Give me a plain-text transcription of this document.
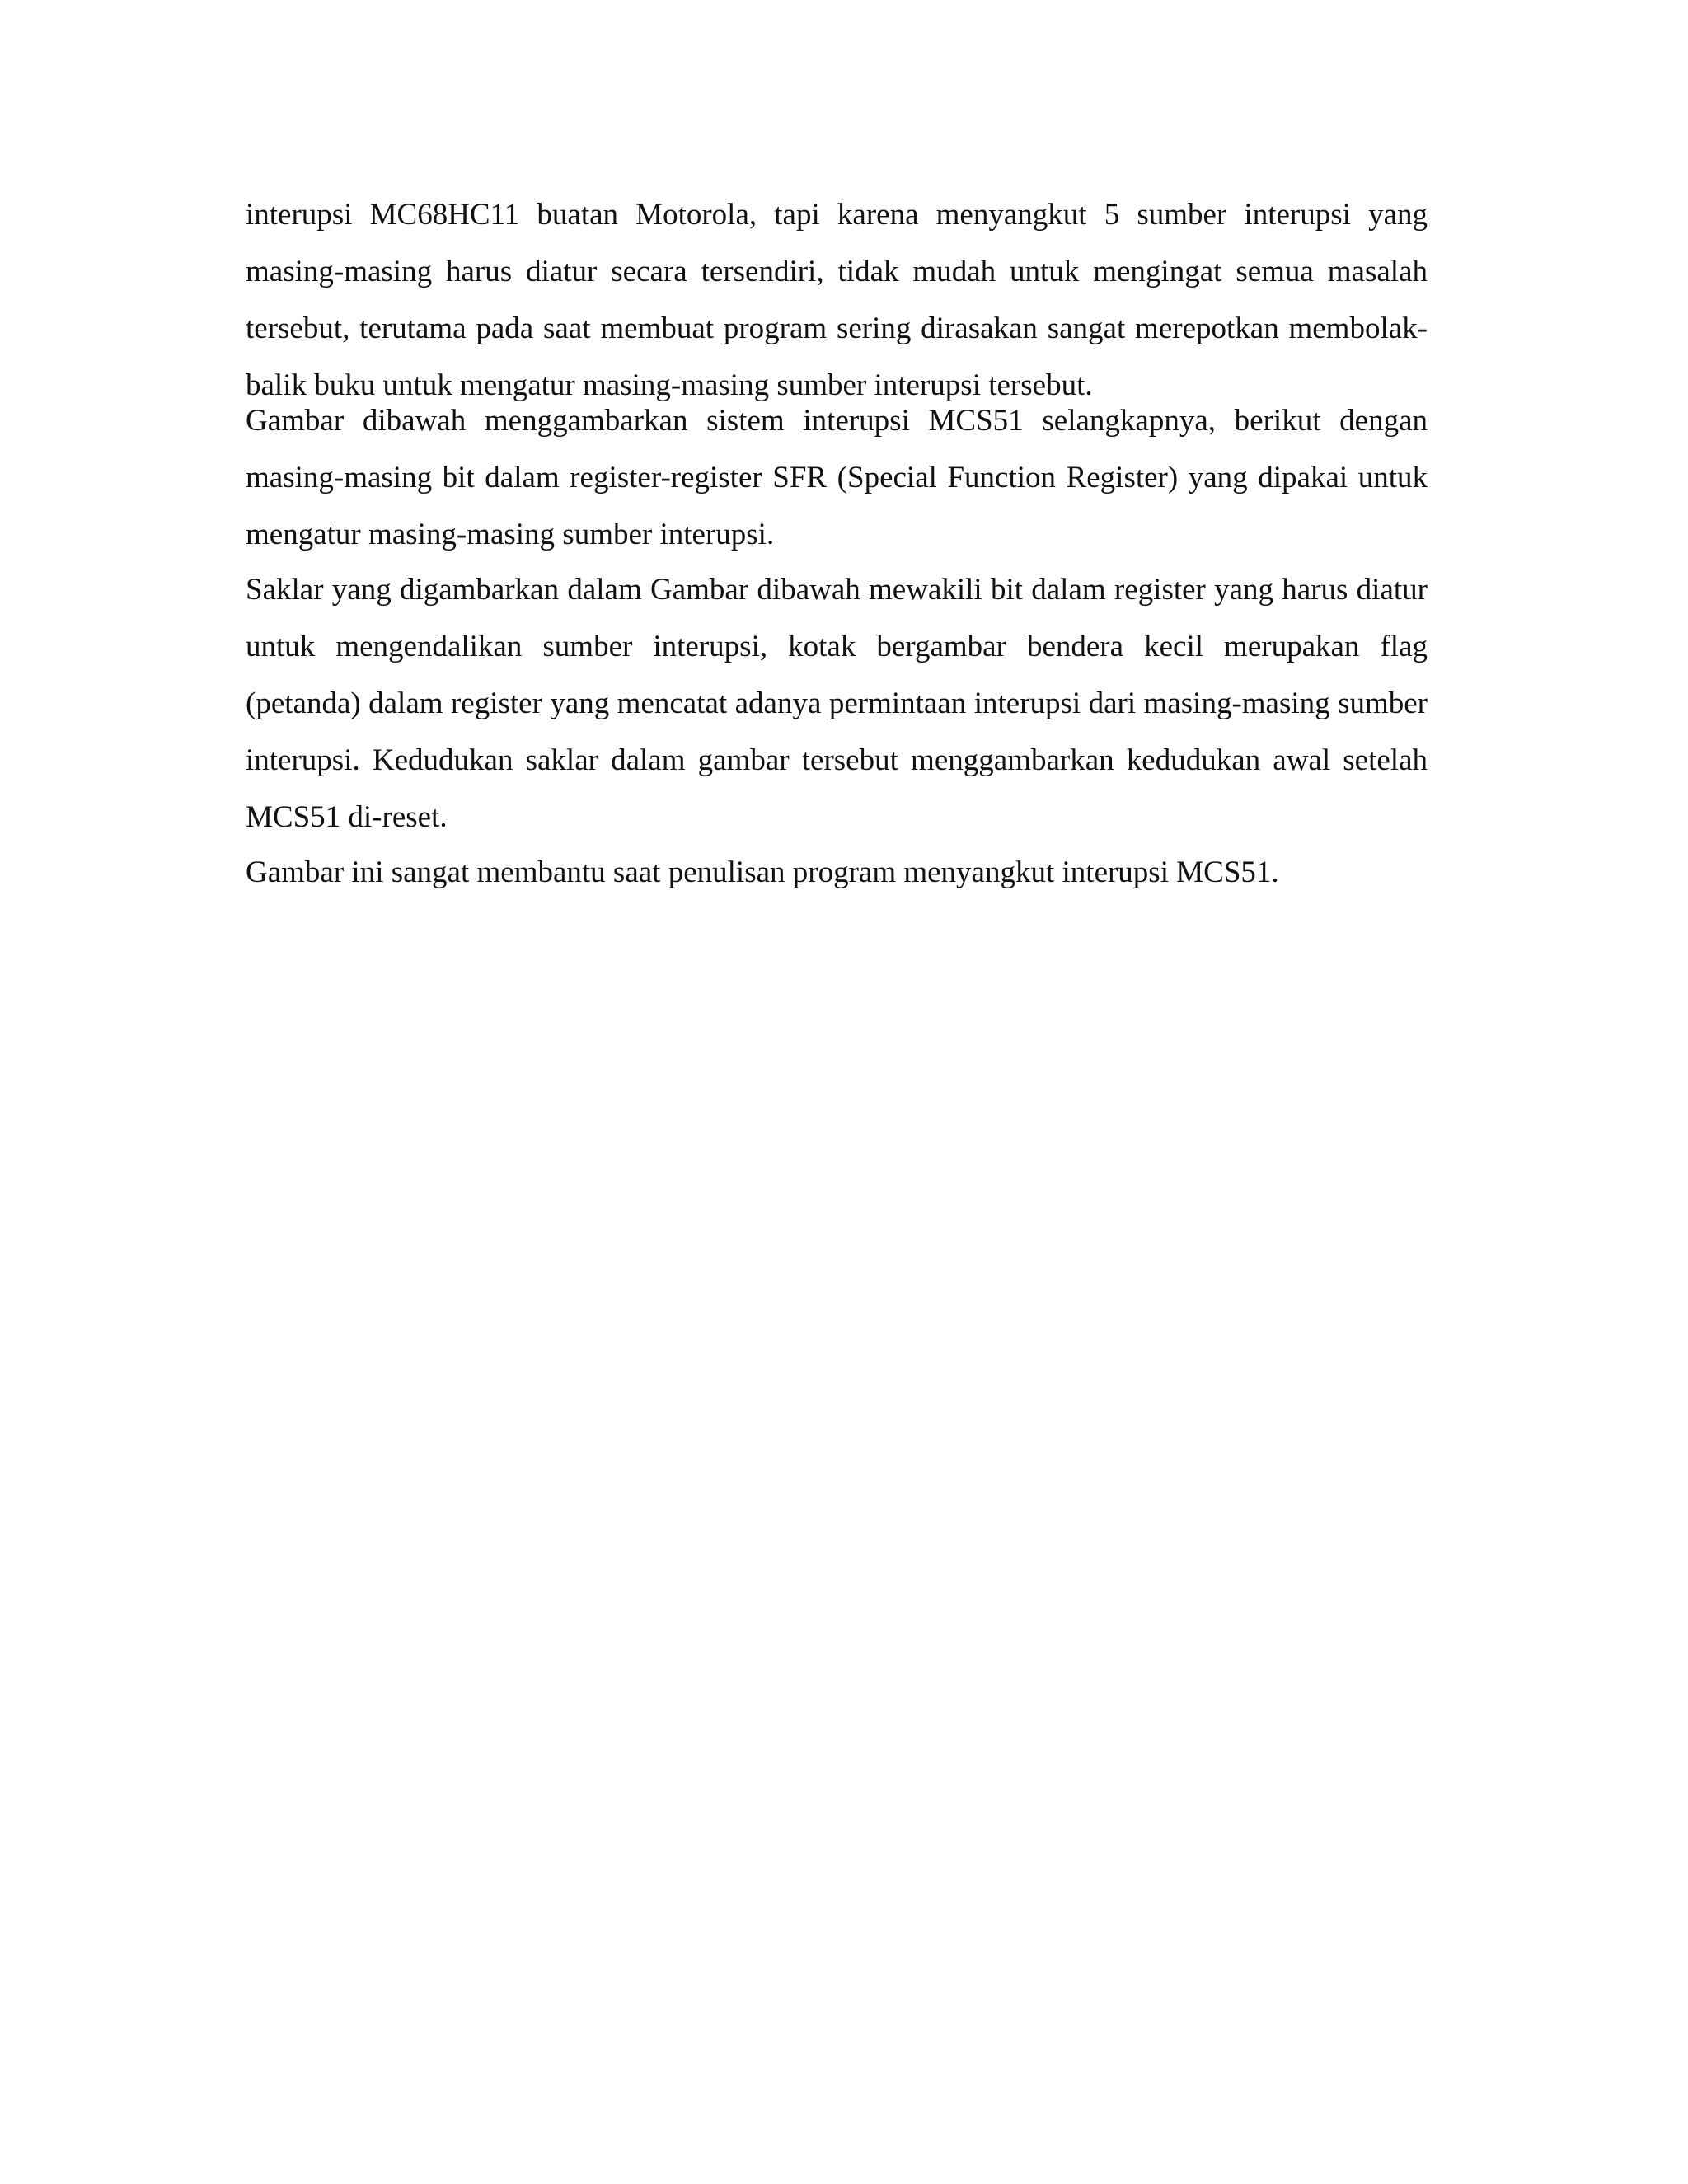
interupsi MC68HC11 buatan Motorola, tapi karena menyangkut 5 sumber interupsi yang masing-masing harus diatur secara tersendiri, tidak mudah untuk mengingat semua masalah tersebut, terutama pada saat membuat program sering dirasakan sangat merepotkan membolak-balik buku untuk mengatur masing-masing sumber interupsi tersebut.

Gambar dibawah menggambarkan sistem interupsi MCS51 selangkapnya, berikut dengan masing-masing bit dalam register-register SFR (Special Function Register) yang dipakai untuk mengatur masing-masing sumber interupsi.

Saklar yang digambarkan dalam Gambar dibawah mewakili bit dalam register yang harus diatur untuk mengendalikan sumber interupsi, kotak bergambar bendera kecil merupakan flag (petanda) dalam register yang mencatat adanya permintaan interupsi dari masing-masing sumber interupsi. Kedudukan saklar dalam gambar tersebut menggambarkan kedudukan awal setelah MCS51 di-reset.

Gambar ini sangat membantu saat penulisan program menyangkut interupsi MCS51.
